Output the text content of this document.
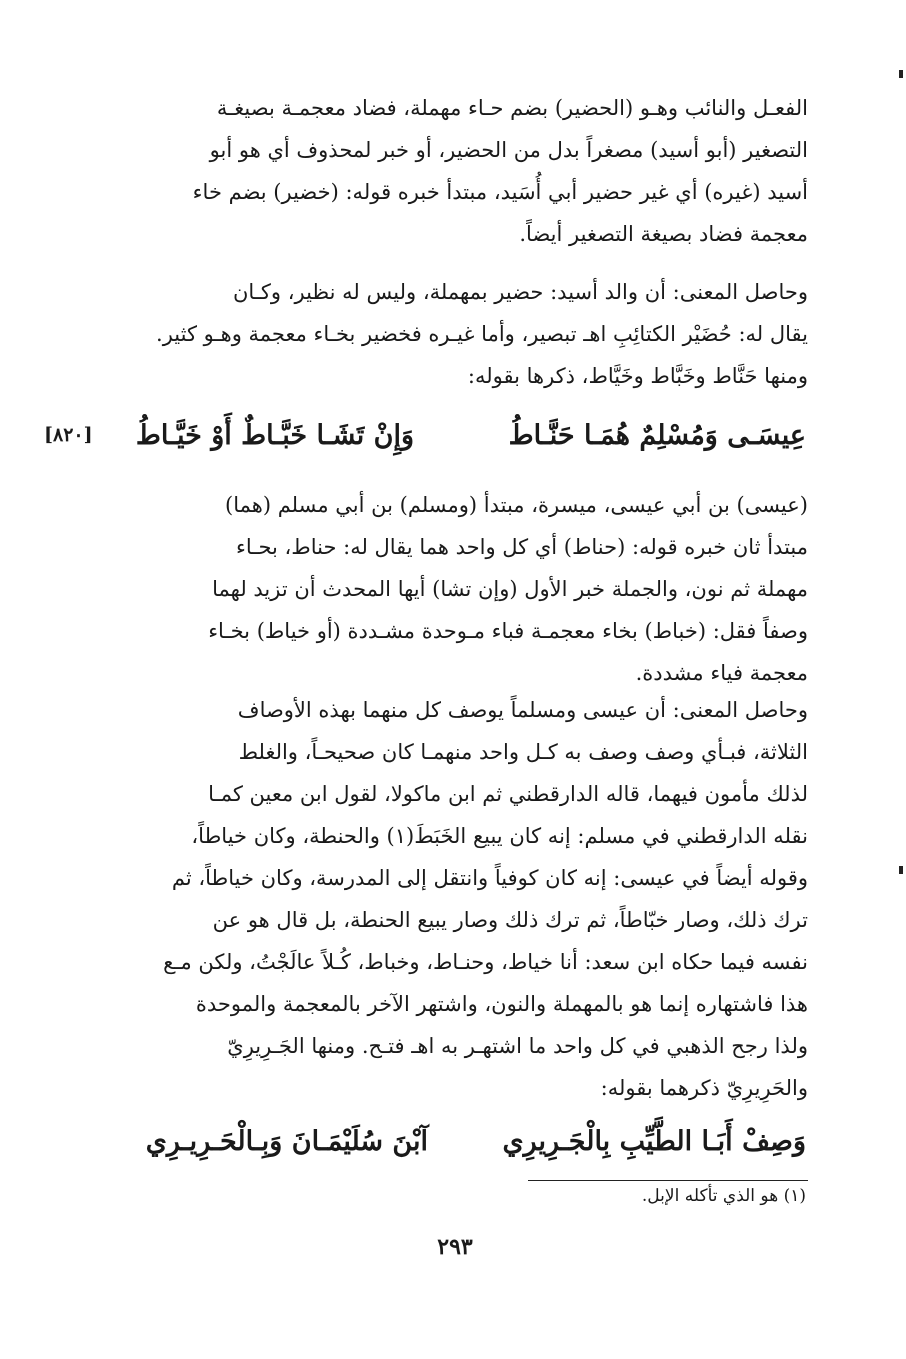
الفعـل والنائب وهـو (الحضير) بضم حـاء مهملة، فضاد معجمـة بصيغـة
التصغير (أبو أسيد) مصغراً بدل من الحضير، أو خبر لمحذوف أي هو أبو
أسيد (غيره) أي غير حضير أبي أُسَيد، مبتدأ خبره قوله: (خضير) بضم خاء
معجمة فضاد بصيغة التصغير أيضاً.
وحاصل المعنى: أن والد أسيد: حضير بمهملة، وليس له نظير، وكـان
يقال له: حُضَيْر الكتائِبِ اهـ تبصير، وأما غيـره فخضير بخـاء معجمة وهـو كثير.
ومنها حَنَّاط وخَبَّاط وخَيَّاط، ذكرها بقوله:
عِيسَـى وَمُسْلِمٌ هُمَـا حَنَّـاطُ
وَإِنْ تَشَـا خَبَّـاطٌ أَوْ خَيَّـاطُ
[٨٢٠]
(عيسى) بن أبي عيسى، ميسرة، مبتدأ (ومسلم) بن أبي مسلم (هما)
مبتدأ ثان خبره قوله: (حناط) أي كل واحد هما يقال له: حناط، بحـاء
مهملة ثم نون، والجملة خبر الأول (وإن تشا) أيها المحدث أن تزيد لهما
وصفاً فقل: (خباط) بخاء معجمـة فباء مـوحدة مشـددة (أو خياط) بخـاء
معجمة فياء مشددة.
وحاصل المعنى: أن عيسى ومسلماً يوصف كل منهما بهذه الأوصاف
الثلاثة، فبـأي وصف وصف به كـل واحد منهمـا كان صحيحـاً، والغلط
لذلك مأمون فيهما، قاله الدارقطني ثم ابن ماكولا، لقول ابن معين كمـا
نقله الدارقطني في مسلم: إنه كان يبيع الخَبَطَ(١) والحنطة، وكان خياطاً،
وقوله أيضاً في عيسى: إنه كان كوفياً وانتقل إلى المدرسة، وكان خياطاً، ثم
ترك ذلك، وصار خبّاطاً، ثم ترك ذلك وصار يبيع الحنطة، بل قال هو عن
نفسه فيما حكاه ابن سعد: أنا خياط، وحنـاط، وخباط، كُـلاً عالَجْتُ، ولكن مـع
هذا فاشتهاره إنما هو بالمهملة والنون، واشتهر الآخر بالمعجمة والموحدة
ولذا رجح الذهبي في كل واحد ما اشتهـر به اهـ فتـح. ومنها الجَـرِيرِيّ
والحَرِيرِيّ ذكرهما بقوله:
وَصِفْ أَبَـا الطَّيِّبِ بِالْجَـرِيرِي
آبْنَ سُلَيْمَـانَ وَبِـالْحَـرِيـرِي
(١) هو الذي تأكله الإبل.
٢٩٣
